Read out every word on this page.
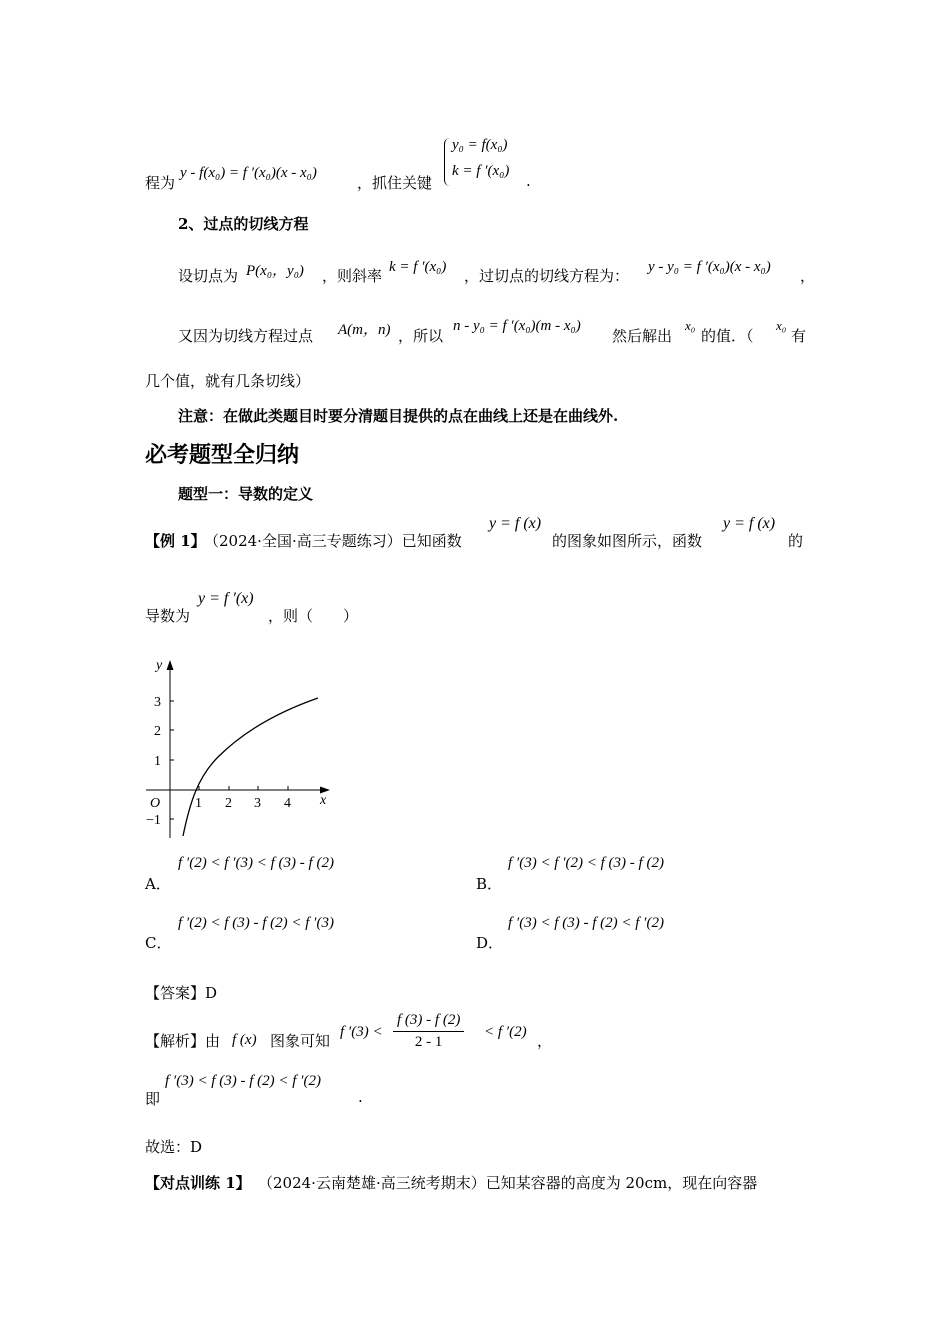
程为
y - f(x₀) = f ′(x₀)(x - x₀)
，抓住关键
y₀ = f(x₀)
k = f ′(x₀)
.
2、过点的切线方程
设切点为 P(x₀，y₀) ，则斜率 k = f ′(x₀) ，过切点的切线方程为： y - y₀ = f ′(x₀)(x - x₀) ，
又因为切线方程过点 A(m，n) ，所以
n - y₀ = f ′(x₀)(m - x₀)
然后解出
x₀
的值．（
x₀
有
几个值，就有几条切线）
注意：在做此类题目时要分清题目提供的点在曲线上还是在曲线外.
必考题型全归纳
题型一：导数的定义
【例 1】
（2024·全国·高三专题练习）已知函数
y = f (x)
的图象如图所示，函数
y = f (x)
的
导数为
y = f ′(x)
，则（　　）
y
x
O
3
2
1
−1
1 2 3 4
A．
f ′(2) < f ′(3) < f (3) - f (2)
B．
f ′(3) < f ′(2) < f (3) - f (2)
C．
f ′(2) < f (3) - f (2) < f ′(3)
D．
f ′(3) < f (3) - f (2) < f ′(2)
【答案】D
【解析】由 f (x) 图象可知 f $'(3) < \frac{f (3) - f (2)}{2 - 1} < f$ ′(2) ，
即
f ′(3) < f (3) - f (2) < f ′(2)
.
故选：D
【对点训练 1】 （2024·云南楚雄·高三统考期末）已知某容器的高度为 20cm，现在向容器
